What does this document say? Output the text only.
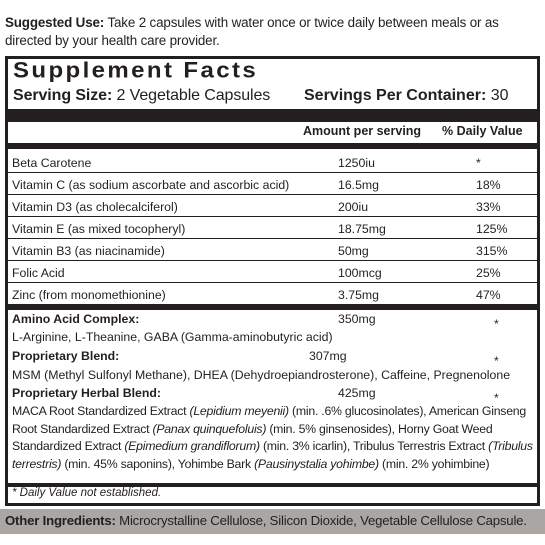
Suggested Use: Take 2 capsules with water once or twice daily between meals or as directed by your health care provider.
Supplement Facts
Serving Size: 2 Vegetable Capsules Servings Per Container: 30
Amount per serving % Daily Value
Beta Carotene	1250iu	*
Vitamin C (as sodium ascorbate and ascorbic acid)	16.5mg	18%
Vitamin D3 (as cholecalciferol)	200iu	33%
Vitamin E (as mixed tocopheryl)	18.75mg	125%
Vitamin B3 (as niacinamide)	50mg	315%
Folic Acid	100mcg	25%
Zinc (from monomethionine)	3.75mg	47%
Amino Acid Complex:	350mg	*
L-Arginine, L-Theanine, GABA (Gamma-aminobutyric acid)
Proprietary Blend:	307mg	*
MSM (Methyl Sulfonyl Methane), DHEA (Dehydroepiandrosterone), Caffeine, Pregnenolone
Proprietary Herbal Blend:	425mg	*
MACA Root Standardized Extract (Lepidium meyenii) (min. .6% glucosinolates), American Ginseng Root Standardized Extract (Panax quinquefoluis) (min. 5% ginsenosides), Horny Goat Weed Standardized Extract (Epimedium grandiflorum) (min. 3% icarlin), Tribulus Terrestris Extract (Tribulus terrestris) (min. 45% saponins), Yohimbe Bark (Pausinystalia yohimbe) (min. 2% yohimbine)
* Daily Value not established.
Other Ingredients: Microcrystalline Cellulose, Silicon Dioxide, Vegetable Cellulose Capsule.
